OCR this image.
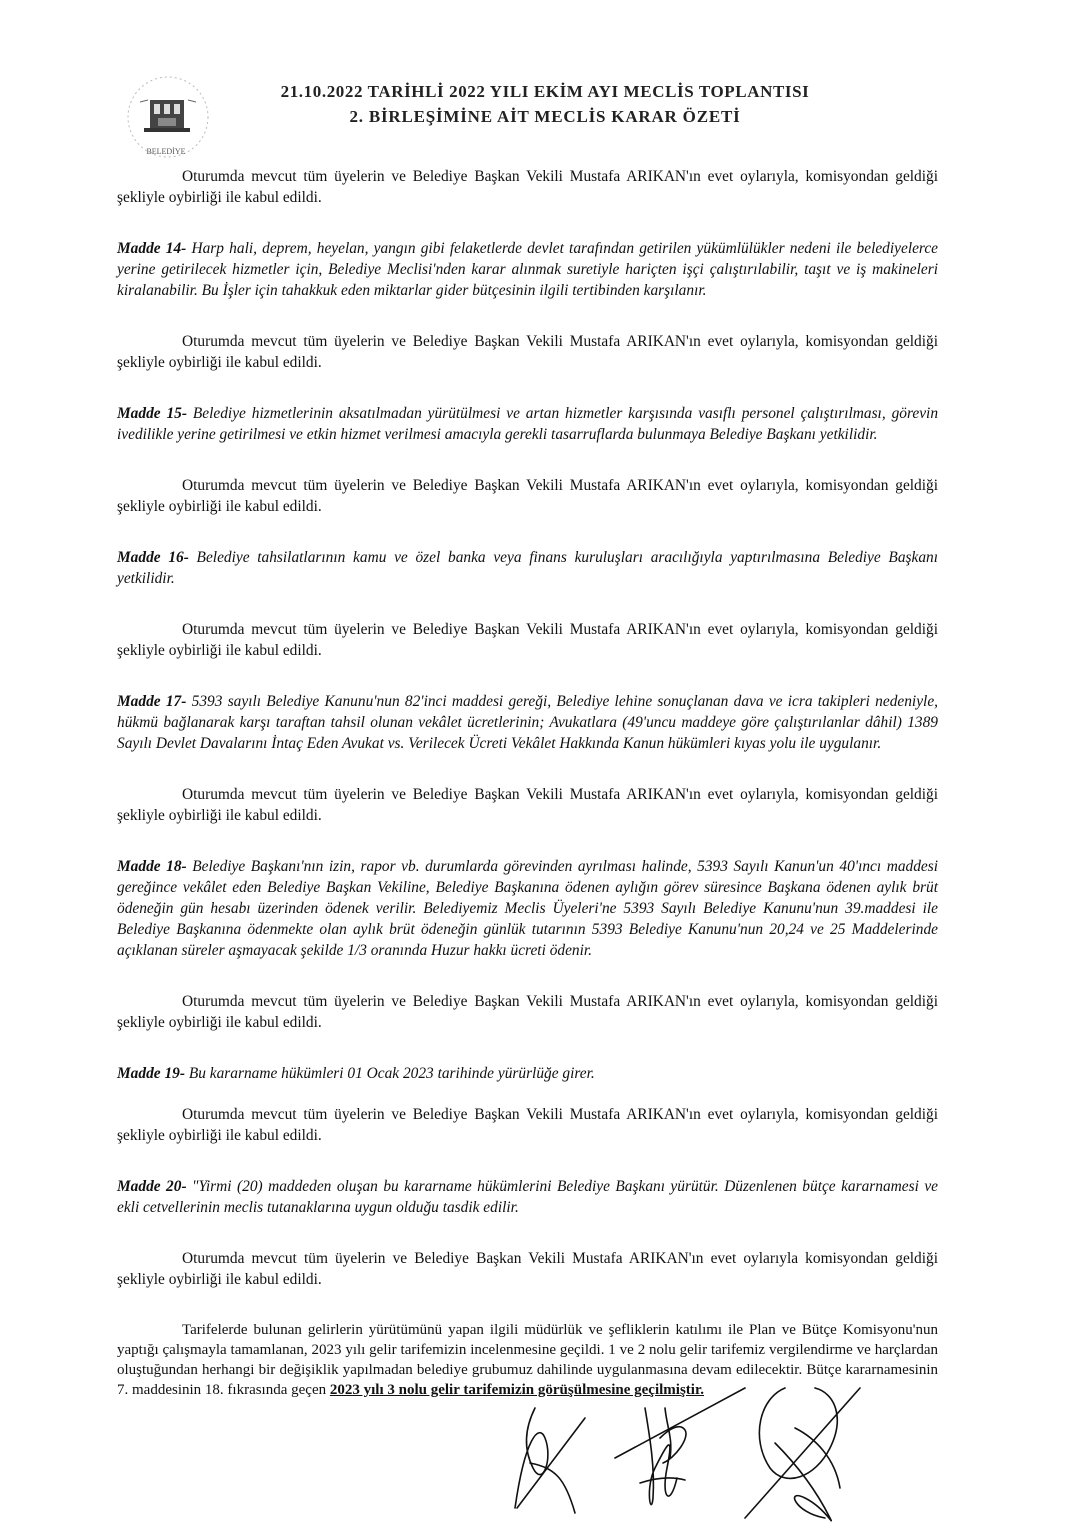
BELEDİYE
21.10.2022 TARİHLİ 2022 YILI EKİM AYI MECLİS TOPLANTISI
2. BİRLEŞİMİNE AİT MECLİS KARAR ÖZETİ

Oturumda mevcut tüm üyelerin ve Belediye Başkan Vekili Mustafa ARIKAN'ın evet oylarıyla, komisyondan geldiği şekliyle oybirliği ile kabul edildi.

Madde 14- Harp hali, deprem, heyelan, yangın gibi felaketlerde devlet tarafından getirilen yükümlülükler nedeni ile belediyelerce yerine getirilecek hizmetler için, Belediye Meclisi'nden karar alınmak suretiyle hariçten işçi çalıştırılabilir, taşıt ve iş makineleri kiralanabilir. Bu İşler için tahakkuk eden miktarlar gider bütçesinin ilgili tertibinden karşılanır.

Oturumda mevcut tüm üyelerin ve Belediye Başkan Vekili Mustafa ARIKAN'ın evet oylarıyla, komisyondan geldiği şekliyle oybirliği ile kabul edildi.

Madde 15- Belediye hizmetlerinin aksatılmadan yürütülmesi ve artan hizmetler karşısında vasıflı personel çalıştırılması, görevin ivedilikle yerine getirilmesi ve etkin hizmet verilmesi amacıyla gerekli tasarruflarda bulunmaya Belediye Başkanı yetkilidir.

Oturumda mevcut tüm üyelerin ve Belediye Başkan Vekili Mustafa ARIKAN'ın evet oylarıyla, komisyondan geldiği şekliyle oybirliği ile kabul edildi.

Madde 16- Belediye tahsilatlarının kamu ve özel banka veya finans kuruluşları aracılığıyla yaptırılmasına Belediye Başkanı yetkilidir.

Oturumda mevcut tüm üyelerin ve Belediye Başkan Vekili Mustafa ARIKAN'ın evet oylarıyla, komisyondan geldiği şekliyle oybirliği ile kabul edildi.

Madde 17- 5393 sayılı Belediye Kanunu'nun 82'inci maddesi gereği, Belediye lehine sonuçlanan dava ve icra takipleri nedeniyle, hükmü bağlanarak karşı taraftan tahsil olunan vekâlet ücretlerinin; Avukatlara (49'uncu maddeye göre çalıştırılanlar dâhil) 1389 Sayılı Devlet Davalarını İntaç Eden Avukat vs. Verilecek Ücreti Vekâlet Hakkında Kanun hükümleri kıyas yolu ile uygulanır.

Oturumda mevcut tüm üyelerin ve Belediye Başkan Vekili Mustafa ARIKAN'ın evet oylarıyla, komisyondan geldiği şekliyle oybirliği ile kabul edildi.

Madde 18- Belediye Başkanı'nın izin, rapor vb. durumlarda görevinden ayrılması halinde, 5393 Sayılı Kanun'un 40'ıncı maddesi gereğince vekâlet eden Belediye Başkan Vekiline, Belediye Başkanına ödenen aylığın görev süresince Başkana ödenen aylık brüt ödeneğin gün hesabı üzerinden ödenek verilir. Belediyemiz Meclis Üyeleri'ne 5393 Sayılı Belediye Kanunu'nun 39.maddesi ile Belediye Başkanına ödenmekte olan aylık brüt ödeneğin günlük tutarının 5393 Belediye Kanunu'nun 20,24 ve 25 Maddelerinde açıklanan süreler aşmayacak şekilde 1/3 oranında Huzur hakkı ücreti ödenir.

Oturumda mevcut tüm üyelerin ve Belediye Başkan Vekili Mustafa ARIKAN'ın evet oylarıyla, komisyondan geldiği şekliyle oybirliği ile kabul edildi.

Madde 19- Bu kararname hükümleri 01 Ocak 2023 tarihinde yürürlüğe girer.

Oturumda mevcut tüm üyelerin ve Belediye Başkan Vekili Mustafa ARIKAN'ın evet oylarıyla, komisyondan geldiği şekliyle oybirliği ile kabul edildi.

Madde 20- "Yirmi (20) maddeden oluşan bu kararname hükümlerini Belediye Başkanı yürütür. Düzenlenen bütçe kararnamesi ve ekli cetvellerinin meclis tutanaklarına uygun olduğu tasdik edilir.

Oturumda mevcut tüm üyelerin ve Belediye Başkan Vekili Mustafa ARIKAN'ın evet oylarıyla komisyondan geldiği şekliyle oybirliği ile kabul edildi.

Tarifelerde bulunan gelirlerin yürütümünü yapan ilgili müdürlük ve şefliklerin katılımı ile Plan ve Bütçe Komisyonu'nun yaptığı çalışmayla tamamlanan, 2023 yılı gelir tarifemizin incelenmesine geçildi. 1 ve 2 nolu gelir tarifemiz vergilendirme ve harçlardan oluştuğundan herhangi bir değişiklik yapılmadan belediye grubumuz dahilinde uygulanmasına devam edilecektir. Bütçe kararnamesinin 7. maddesinin 18. fıkrasında geçen 2023 yılı 3 nolu gelir tarifemizin görüşülmesine geçilmiştir.
